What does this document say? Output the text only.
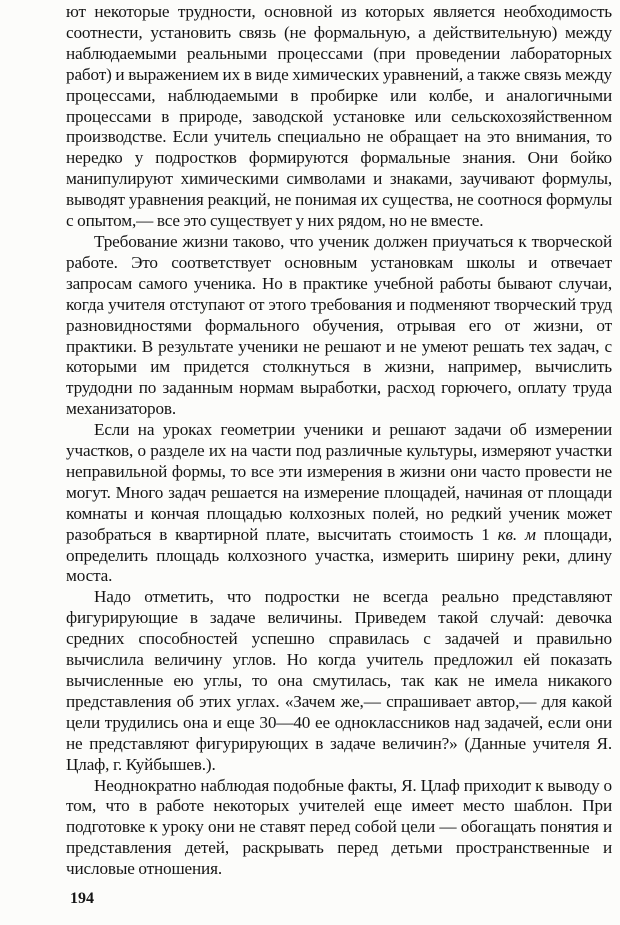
ют некоторые трудности, основной из которых является необходимость соотнести, установить связь (не формальную, а действительную) между наблюдаемыми реальными процессами (при проведении лабораторных работ) и выражением их в виде химических уравнений, а также связь между процессами, наблюдаемыми в пробирке или колбе, и аналогичными процессами в природе, заводской установке или сельскохозяйственном производстве. Если учитель специально не обращает на это внимания, то нередко у подростков формируются формальные знания. Они бойко манипулируют химическими символами и знаками, заучивают формулы, выводят уравнения реакций, не понимая их существа, не соотнося формулы с опытом,— все это существует у них рядом, но не вместе.

Требование жизни таково, что ученик должен приучаться к творческой работе. Это соответствует основным установкам школы и отвечает запросам самого ученика. Но в практике учебной работы бывают случаи, когда учителя отступают от этого требования и подменяют творческий труд разновидностями формального обучения, отрывая его от жизни, от практики. В результате ученики не решают и не умеют решать тех задач, с которыми им придется столкнуться в жизни, например, вычислить трудодни по заданным нормам выработки, расход горючего, оплату труда механизаторов.

Если на уроках геометрии ученики и решают задачи об измерении участков, о разделе их на части под различные культуры, измеряют участки неправильной формы, то все эти измерения в жизни они часто провести не могут. Много задач решается на измерение площадей, начиная от площади комнаты и кончая площадью колхозных полей, но редкий ученик может разобраться в квартирной плате, высчитать стоимость 1 кв. м площади, определить площадь колхозного участка, измерить ширину реки, длину моста.

Надо отметить, что подростки не всегда реально представляют фигурирующие в задаче величины. Приведем такой случай: девочка средних способностей успешно справилась с задачей и правильно вычислила величину углов. Но когда учитель предложил ей показать вычисленные ею углы, то она смутилась, так как не имела никакого представления об этих углах. «Зачем же,— спрашивает автор,— для какой цели трудились она и еще 30—40 ее одноклассников над задачей, если они не представляют фигурирующих в задаче величин?» (Данные учителя Я. Цлаф, г. Куйбышев.).

Неоднократно наблюдая подобные факты, Я. Цлаф приходит к выводу о том, что в работе некоторых учителей еще имеет место шаблон. При подготовке к уроку они не ставят перед собой цели — обогащать понятия и представления детей, раскрывать перед детьми пространственные и числовые отношения.

194
